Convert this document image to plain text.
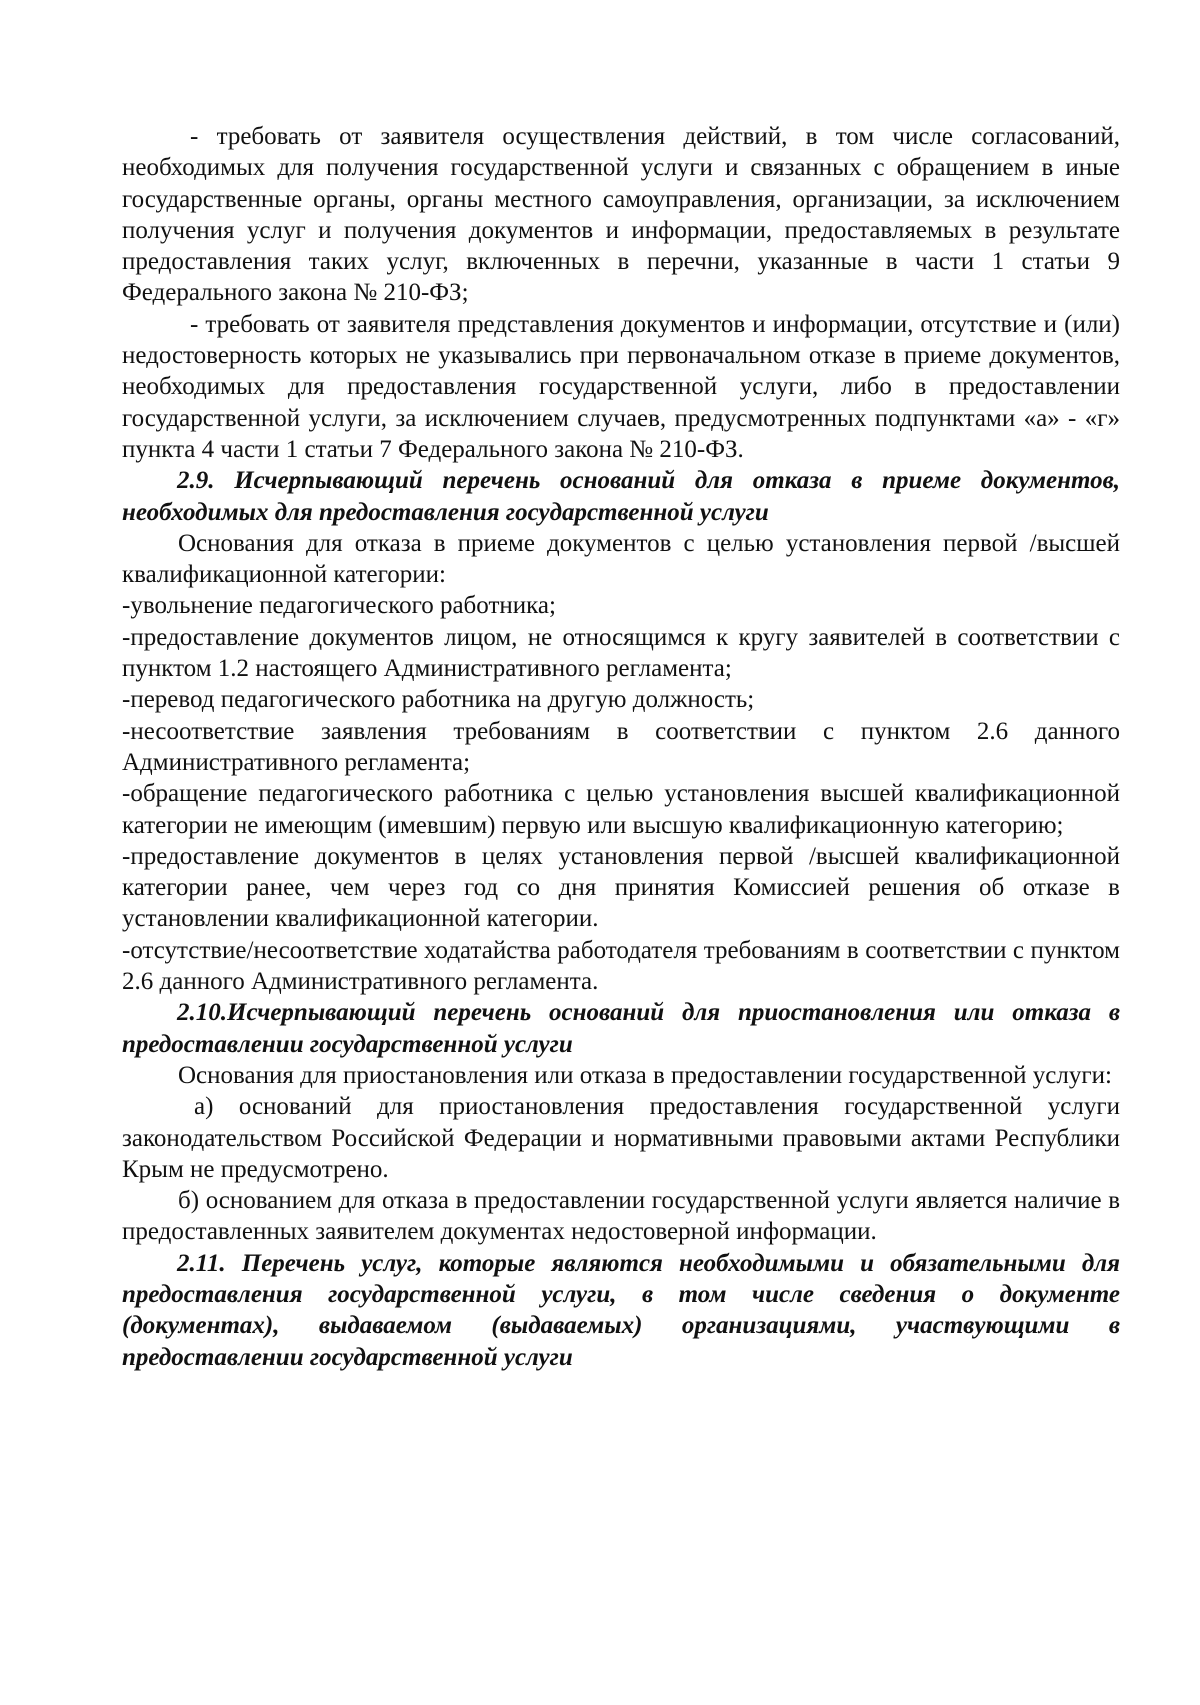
- требовать от заявителя осуществления действий, в том числе согласований, необходимых для получения государственной услуги и связанных с обращением в иные государственные органы, органы местного самоуправления, организации, за исключением получения услуг и получения документов и информации, предоставляемых в результате предоставления таких услуг, включенных в перечни, указанные в части 1 статьи 9 Федерального закона № 210-ФЗ;

- требовать от заявителя представления документов и информации, отсутствие и (или) недостоверность которых не указывались при первоначальном отказе в приеме документов, необходимых для предоставления государственной услуги, либо в предоставлении государственной услуги, за исключением случаев, предусмотренных подпунктами «а» - «г» пункта 4 части 1 статьи 7 Федерального закона № 210-ФЗ.

2.9. Исчерпывающий перечень оснований для отказа в приеме документов, необходимых для предоставления государственной услуги

Основания для отказа в приеме документов с целью установления первой /высшей квалификационной категории:

-увольнение педагогического работника;

-предоставление документов лицом, не относящимся к кругу заявителей в соответствии с пунктом 1.2 настоящего Административного регламента;

-перевод педагогического работника на другую должность;

-несоответствие заявления требованиям в соответствии с пунктом 2.6 данного Административного регламента;

-обращение педагогического работника с целью установления высшей квалификационной категории не имеющим (имевшим) первую или высшую квалификационную категорию;

-предоставление документов в целях установления первой /высшей квалификационной категории ранее, чем через год со дня принятия Комиссией решения об отказе в установлении квалификационной категории.

-отсутствие/несоответствие ходатайства работодателя требованиям в соответствии с пунктом 2.6 данного Административного регламента.

2.10.Исчерпывающий перечень оснований для приостановления или отказа в предоставлении государственной услуги

Основания для приостановления или отказа в предоставлении государственной услуги:

а) оснований для приостановления предоставления государственной услуги законодательством Российской Федерации и нормативными правовыми актами Республики Крым не предусмотрено.

б) основанием для отказа в предоставлении государственной услуги является наличие в предоставленных заявителем документах недостоверной информации.

2.11. Перечень услуг, которые являются необходимыми и обязательными для предоставления государственной услуги, в том числе сведения о документе (документах), выдаваемом (выдаваемых) организациями, участвующими в предоставлении государственной услуги
